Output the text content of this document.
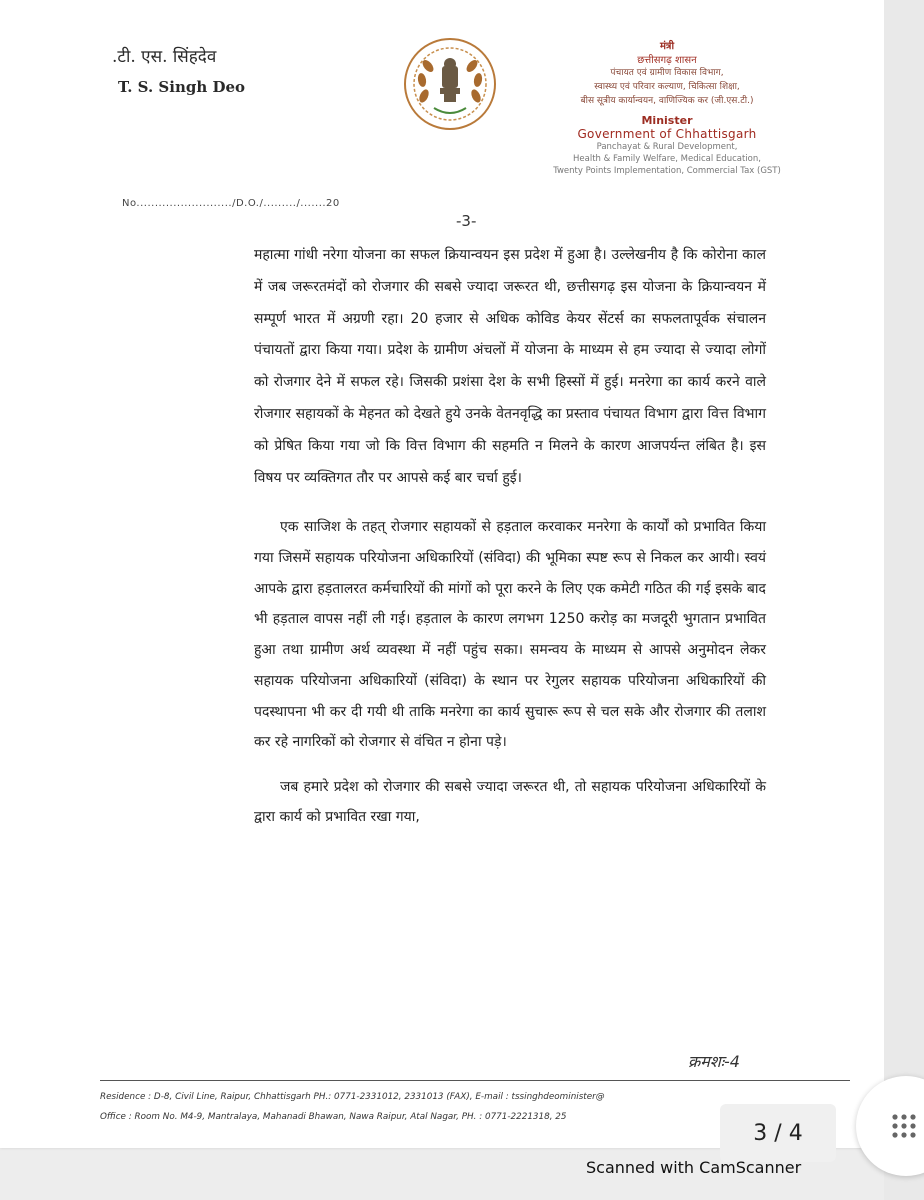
.टी. एस. सिंहदेव
T. S. Singh Deo
No........................../D.O./........./.......20
मंत्री
छत्तीसगढ़ शासन
पंचायत एवं ग्रामीण विकास विभाग,
स्वास्थ्य एवं परिवार कल्याण, चिकित्सा शिक्षा,
बीस सूत्रीय कार्यान्वयन, वाणिज्यिक कर (जी.एस.टी.)
Minister
Government of Chhattisgarh
Panchayat & Rural Development,
Health & Family Welfare, Medical Education,
Twenty Points Implementation, Commercial Tax (GST)
-3-

महात्मा गांधी नरेगा योजना का सफल क्रियान्वयन इस प्रदेश में हुआ है। उल्लेखनीय है कि कोरोना काल में जब जरूरतमंदों को रोजगार की सबसे ज्यादा जरूरत थी, छत्तीसगढ़ इस योजना के क्रियान्वयन में सम्पूर्ण भारत में अग्रणी रहा। 20 हजार से अधिक कोविड केयर सेंटर्स का सफलतापूर्वक संचालन पंचायतों द्वारा किया गया। प्रदेश के ग्रामीण अंचलों में योजना के माध्यम से हम ज्यादा से ज्यादा लोगों को रोजगार देने में सफल रहे। जिसकी प्रशंसा देश के सभी हिस्सों में हुई। मनरेगा का कार्य करने वाले रोजगार सहायकों के मेहनत को देखते हुये उनके वेतनवृद्धि का प्रस्ताव पंचायत विभाग द्वारा वित्त विभाग को प्रेषित किया गया जो कि वित्त विभाग की सहमति न मिलने के कारण आजपर्यन्त लंबित है। इस विषय पर व्यक्तिगत तौर पर आपसे कई बार चर्चा हुई।

एक साजिश के तहत् रोजगार सहायकों से हड़ताल करवाकर मनरेगा के कार्यों को प्रभावित किया गया जिसमें सहायक परियोजना अधिकारियों (संविदा) की भूमिका स्पष्ट रूप से निकल कर आयी। स्वयं आपके द्वारा हड़तालरत कर्मचारियों की मांगों को पूरा करने के लिए एक कमेटी गठित की गई इसके बाद भी हड़ताल वापस नहीं ली गई। हड़ताल के कारण लगभग 1250 करोड़ का मजदूरी भुगतान प्रभावित हुआ तथा ग्रामीण अर्थ व्यवस्था में नहीं पहुंच सका। समन्वय के माध्यम से आपसे अनुमोदन लेकर सहायक परियोजना अधिकारियों (संविदा) के स्थान पर रेगुलर सहायक परियोजना अधिकारियों की पदस्थापना भी कर दी गयी थी ताकि मनरेगा का कार्य सुचारू रूप से चल सके और रोजगार की तलाश कर रहे नागरिकों को रोजगार से वंचित न होना पड़े।

जब हमारे प्रदेश को रोजगार की सबसे ज्यादा जरूरत थी, तो सहायक परियोजना अधिकारियों के द्वारा कार्य को प्रभावित रखा गया,

क्रमशः-4
Residence : D-8, Civil Line, Raipur, Chhattisgarh PH.: 0771-2331012, 2331013 (FAX), E-mail : tssinghdeominister@
Office : Room No. M4-9, Mantralaya, Mahanadi Bhawan, Nawa Raipur, Atal Nagar, PH. : 0771-2221318, 25
3 / 4
Scanned with CamScanner
